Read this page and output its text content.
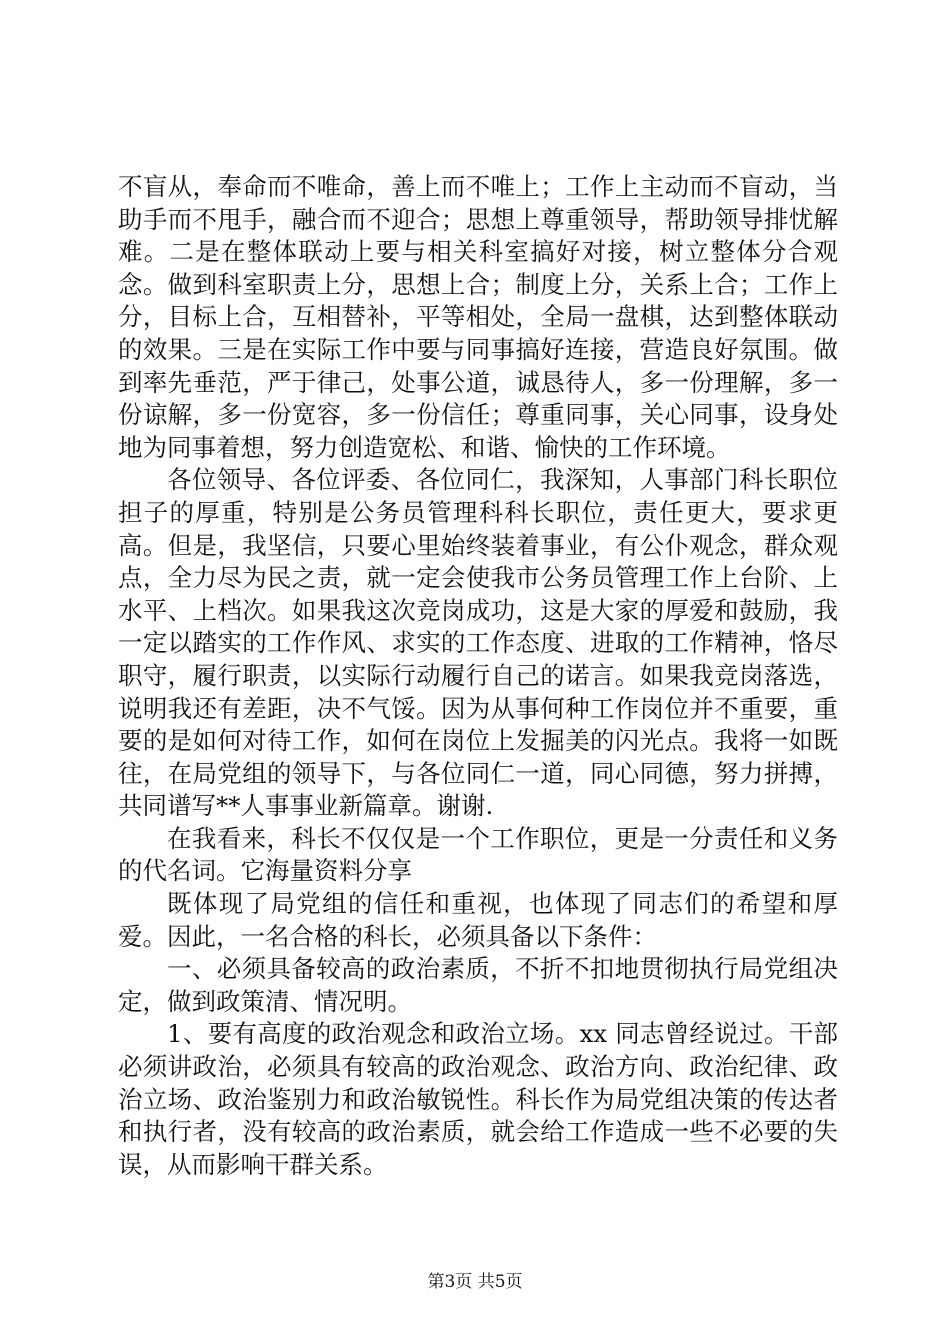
不盲从，奉命而不唯命，善上而不唯上；工作上主动而不盲动，当助手而不甩手，融合而不迎合；思想上尊重领导，帮助领导排忧解难。二是在整体联动上要与相关科室搞好对接，树立整体分合观念。做到科室职责上分，思想上合；制度上分，关系上合；工作上分，目标上合，互相替补，平等相处，全局一盘棋，达到整体联动的效果。三是在实际工作中要与同事搞好连接，营造良好氛围。做到率先垂范，严于律己，处事公道，诚恳待人，多一份理解，多一份谅解，多一份宽容，多一份信任；尊重同事，关心同事，设身处地为同事着想，努力创造宽松、和谐、愉快的工作环境。

各位领导、各位评委、各位同仁，我深知，人事部门科长职位担子的厚重，特别是公务员管理科科长职位，责任更大，要求更高。但是，我坚信，只要心里始终装着事业，有公仆观念，群众观点，全力尽为民之责，就一定会使我市公务员管理工作上台阶、上水平、上档次。如果我这次竞岗成功，这是大家的厚爱和鼓励，我一定以踏实的工作作风、求实的工作态度、进取的工作精神，恪尽职守，履行职责，以实际行动履行自己的诺言。如果我竞岗落选，说明我还有差距，决不气馁。因为从事何种工作岗位并不重要，重要的是如何对待工作，如何在岗位上发掘美的闪光点。我将一如既往，在局党组的领导下，与各位同仁一道，同心同德，努力拼搏，共同谱写**人事事业新篇章。谢谢.

在我看来，科长不仅仅是一个工作职位，更是一分责任和义务的代名词。它海量资料分享

既体现了局党组的信任和重视，也体现了同志们的希望和厚爱。因此，一名合格的科长，必须具备以下条件：

一、必须具备较高的政治素质，不折不扣地贯彻执行局党组决定，做到政策清、情况明。

1、要有高度的政治观念和政治立场。xx 同志曾经说过。干部必须讲政治，必须具有较高的政治观念、政治方向、政治纪律、政治立场、政治鉴别力和政治敏锐性。科长作为局党组决策的传达者和执行者，没有较高的政治素质，就会给工作造成一些不必要的失误，从而影响干群关系。

第3页 共5页
